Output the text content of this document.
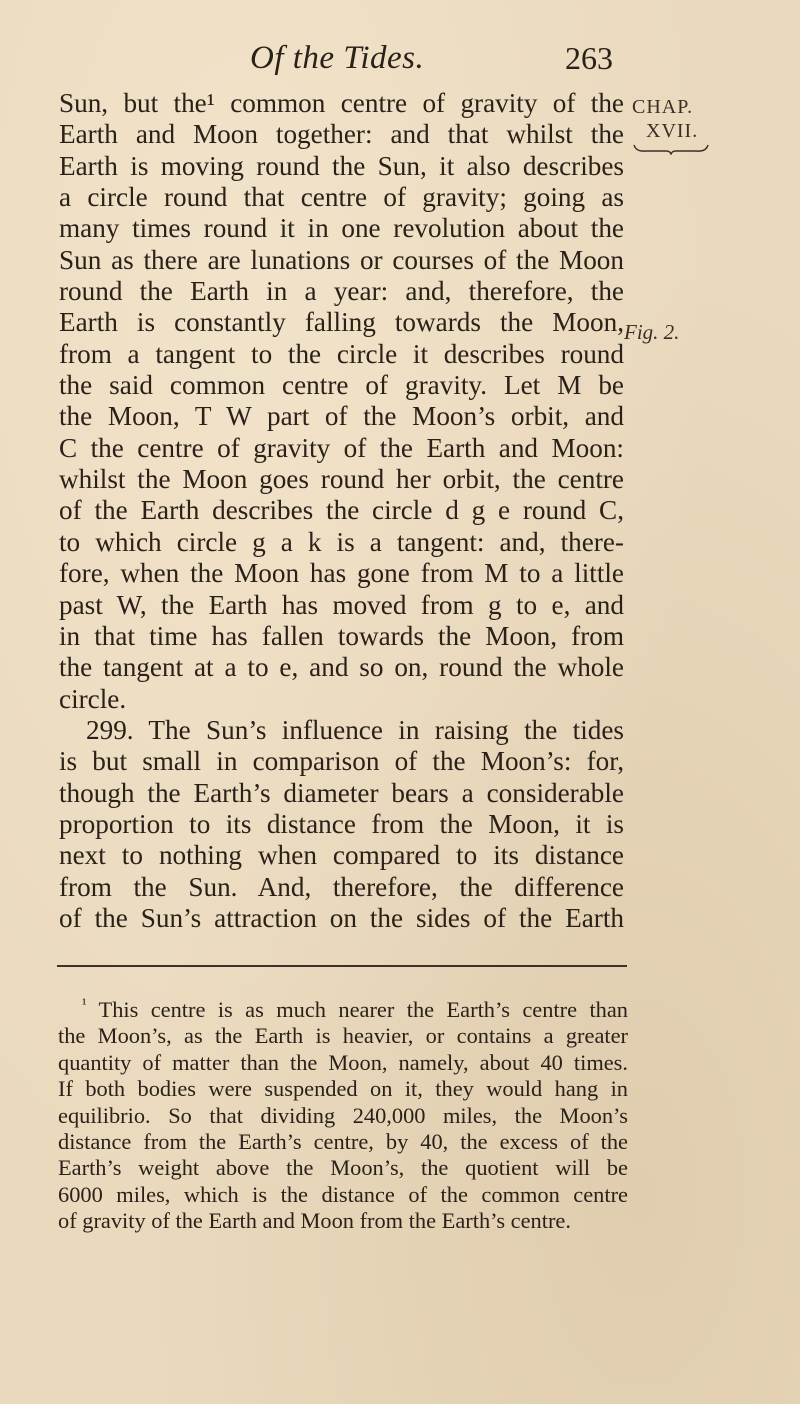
Of the Tides.	263
CHAP.
XVII.
Fig. 2.
Sun, but the¹ common centre of gravity of the
Earth and Moon together: and that whilst the
Earth is moving round the Sun, it also describes
a circle round that centre of gravity; going as
many times round it in one revolution about the
Sun as there are lunations or courses of the Moon
round the Earth in a year: and, therefore, the
Earth is constantly falling towards the Moon,
from a tangent to the circle it describes round
the said common centre of gravity. Let M be
the Moon, T W part of the Moon’s orbit, and
C the centre of gravity of the Earth and Moon:
whilst the Moon goes round her orbit, the centre
of the Earth describes the circle d g e round C,
to which circle g a k is a tangent: and, there-
fore, when the Moon has gone from M to a little
past W, the Earth has moved from g to e, and
in that time has fallen towards the Moon, from
the tangent at a to e, and so on, round the whole
circle.
299. The Sun’s influence in raising the tides
is but small in comparison of the Moon’s: for,
though the Earth’s diameter bears a considerable
proportion to its distance from the Moon, it is
next to nothing when compared to its distance
from the Sun. And, therefore, the difference
of the Sun’s attraction on the sides of the Earth
$^{^1}$ This centre is as much nearer the Earth’s centre than
the Moon’s, as the Earth is heavier, or contains a greater
quantity of matter than the Moon, namely, about 40 times.
If both bodies were suspended on it, they would hang in
equilibrio. So that dividing 240,000 miles, the Moon’s
distance from the Earth’s centre, by 40, the excess of the
Earth’s weight above the Moon’s, the quotient will be
6000 miles, which is the distance of the common centre
of gravity of the Earth and Moon from the Earth’s centre.
